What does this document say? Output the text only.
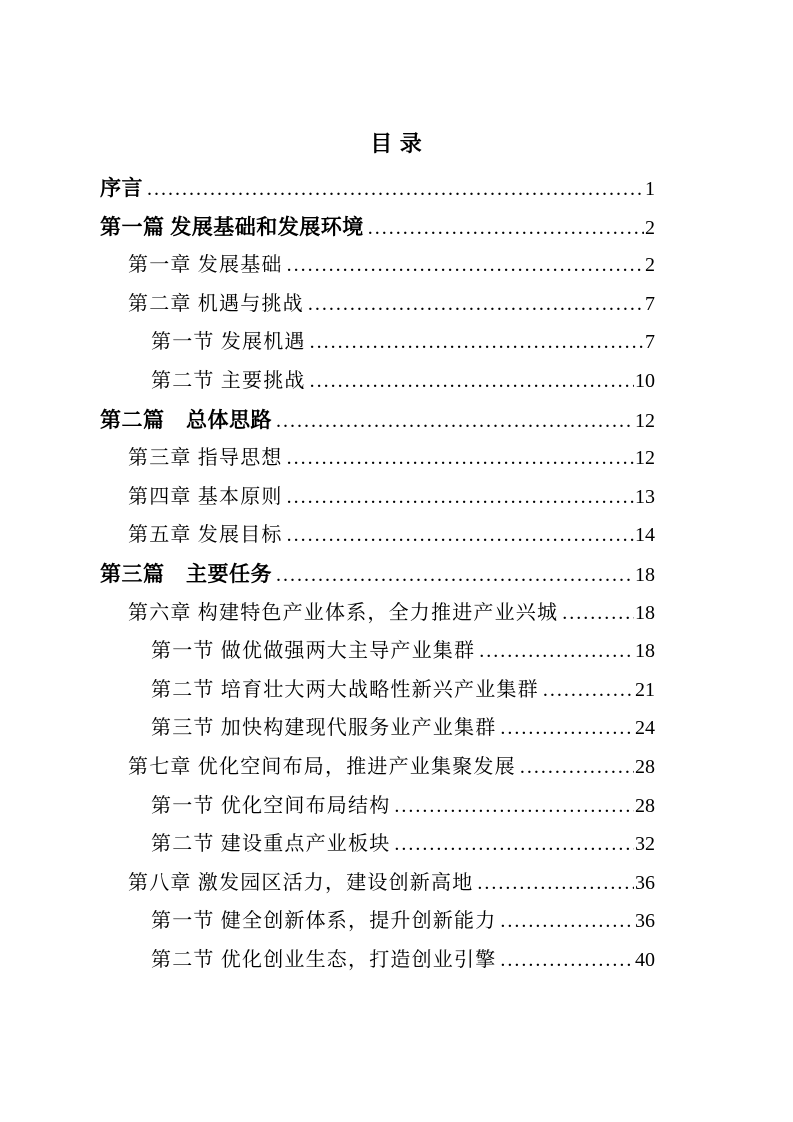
目 录
序言 .....	1
第一篇 发展基础和发展环境 .....	2
第一章 发展基础 .....	2
第二章 机遇与挑战 .....	7
第一节 发展机遇 .....	7
第二节 主要挑战 .....	10
第二篇　总体思路 .....	12
第三章 指导思想 .....	12
第四章 基本原则 .....	13
第五章 发展目标 .....	14
第三篇　主要任务 .....	18
第六章 构建特色产业体系，全力推进产业兴城 .....	18
第一节 做优做强两大主导产业集群 .....	18
第二节 培育壮大两大战略性新兴产业集群 .....	21
第三节 加快构建现代服务业产业集群 .....	24
第七章 优化空间布局，推进产业集聚发展 .....	28
第一节 优化空间布局结构 .....	28
第二节 建设重点产业板块 .....	32
第八章 激发园区活力，建设创新高地 .....	36
第一节 健全创新体系，提升创新能力 .....	36
第二节 优化创业生态，打造创业引擎 .....	40
